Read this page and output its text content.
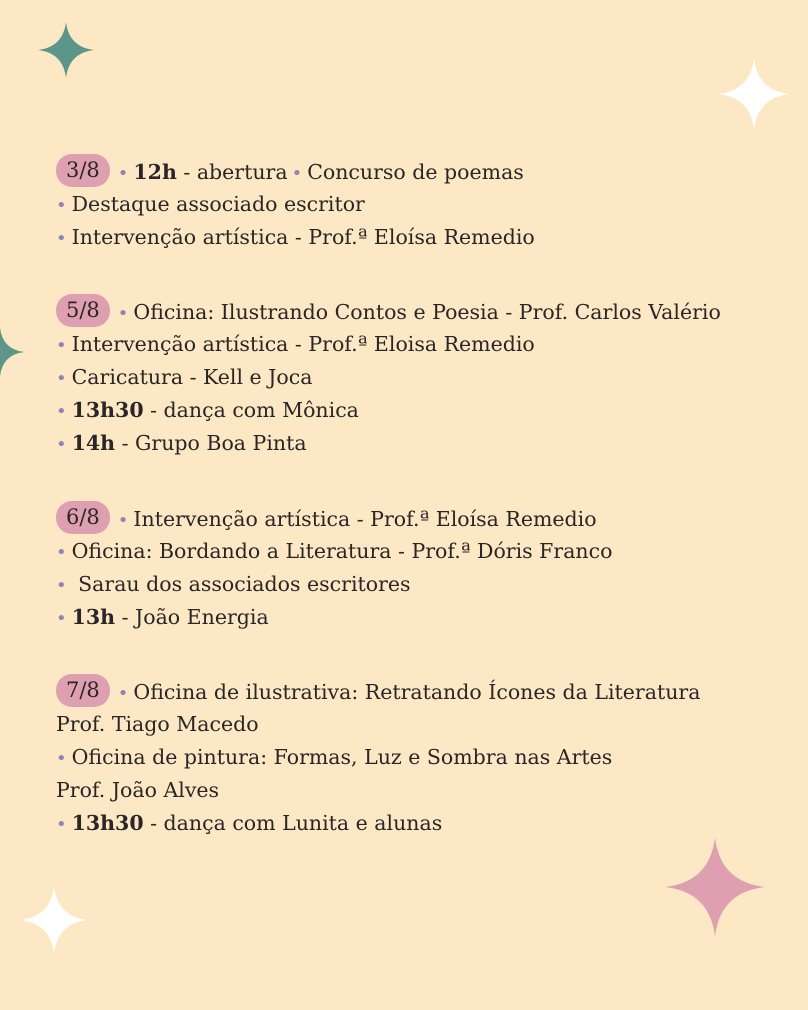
3/8 • 12h - abertura • Concurso de poemas
• Destaque associado escritor
• Intervenção artística - Prof.ª Eloísa Remedio
5/8 • Oficina: Ilustrando Contos e Poesia - Prof. Carlos Valério
• Intervenção artística - Prof.ª Eloisa Remedio
• Caricatura - Kell e Joca
• 13h30 - dança com Mônica
• 14h - Grupo Boa Pinta
6/8 • Intervenção artística - Prof.ª Eloísa Remedio
• Oficina: Bordando a Literatura - Prof.ª Dóris Franco
• Sarau dos associados escritores
• 13h - João Energia
7/8 • Oficina de ilustrativa: Retratando Ícones da Literatura
Prof. Tiago Macedo
• Oficina de pintura: Formas, Luz e Sombra nas Artes
Prof. João Alves
• 13h30 - dança com Lunita e alunas
